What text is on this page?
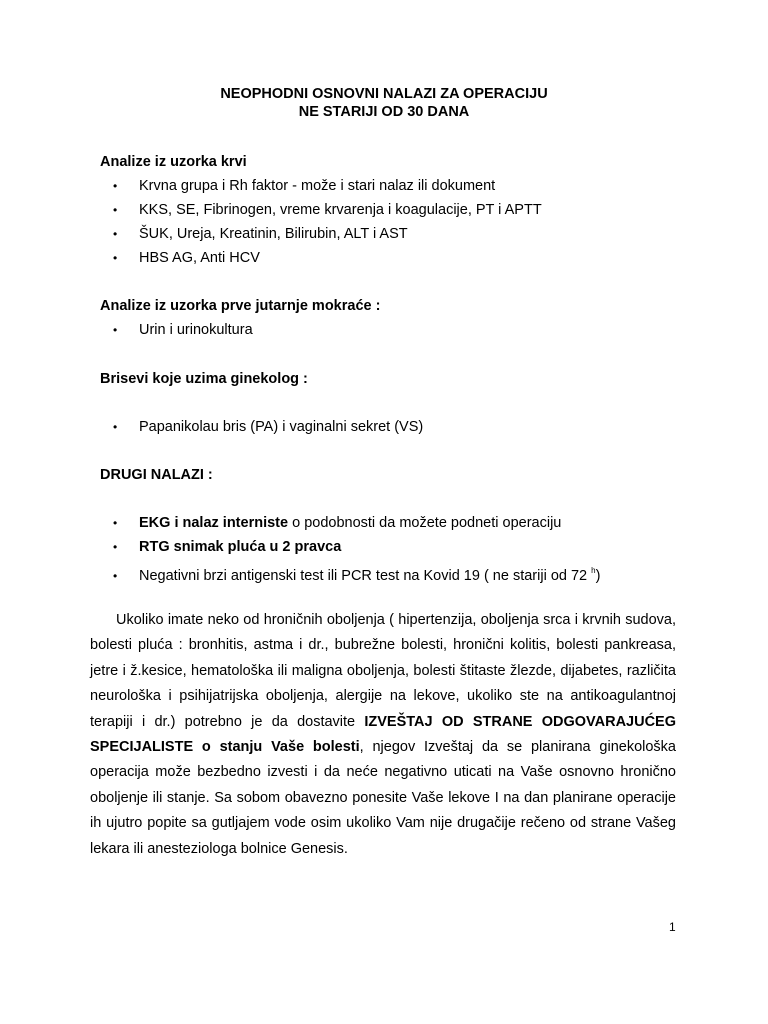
NEOPHODNI OSNOVNI NALAZI ZA OPERACIJU
NE STARIJI OD 30 DANA
Analize iz uzorka krvi
• Krvna grupa i Rh faktor - može i stari nalaz ili dokument
• KKS, SE, Fibrinogen, vreme krvarenja i koagulacije, PT i APTT
• ŠUK, Ureja, Kreatinin, Bilirubin, ALT i AST
• HBS AG, Anti HCV
Analize iz uzorka prve jutarnje mokraće :
• Urin i urinokultura
Brisevi koje uzima ginekolog :
• Papanikolau bris (PA) i vaginalni sekret (VS)
DRUGI NALAZI :
• EKG i nalaz interniste o podobnosti da možete podneti operaciju
• RTG snimak pluća u 2 pravca
• Negativni brzi antigenski test ili PCR test na Kovid 19 ( ne stariji od 72 $^h$)

Ukoliko imate neko od hroničnih oboljenja ( hipertenzija, oboljenja srca i krvnih sudova, bolesti pluća : bronhitis, astma i dr., bubrežne bolesti, hronični kolitis, bolesti pankreasa, jetre i ž.kesice, hematološka ili maligna oboljenja, bolesti štitaste žlezde, dijabetes, različita neurološka i psihijatrijska oboljenja, alergije na lekove, ukoliko ste na antikoagulantnoj terapiji i dr.) potrebno je da dostavite IZVEŠTAJ OD STRANE ODGOVARAJUĆEG SPECIJALISTE o stanju Vaše bolesti, njegov Izveštaj da se planirana ginekološka operacija može bezbedno izvesti i da neće negativno uticati na Vaše osnovno hronično oboljenje ili stanje. Sa sobom obavezno ponesite Vaše lekove I na dan planirane operacije ih ujutro popite sa gutljajem vode osim ukoliko Vam nije drugačije rečeno od strane Vašeg lekara ili anesteziologa bolnice Genesis.

1
